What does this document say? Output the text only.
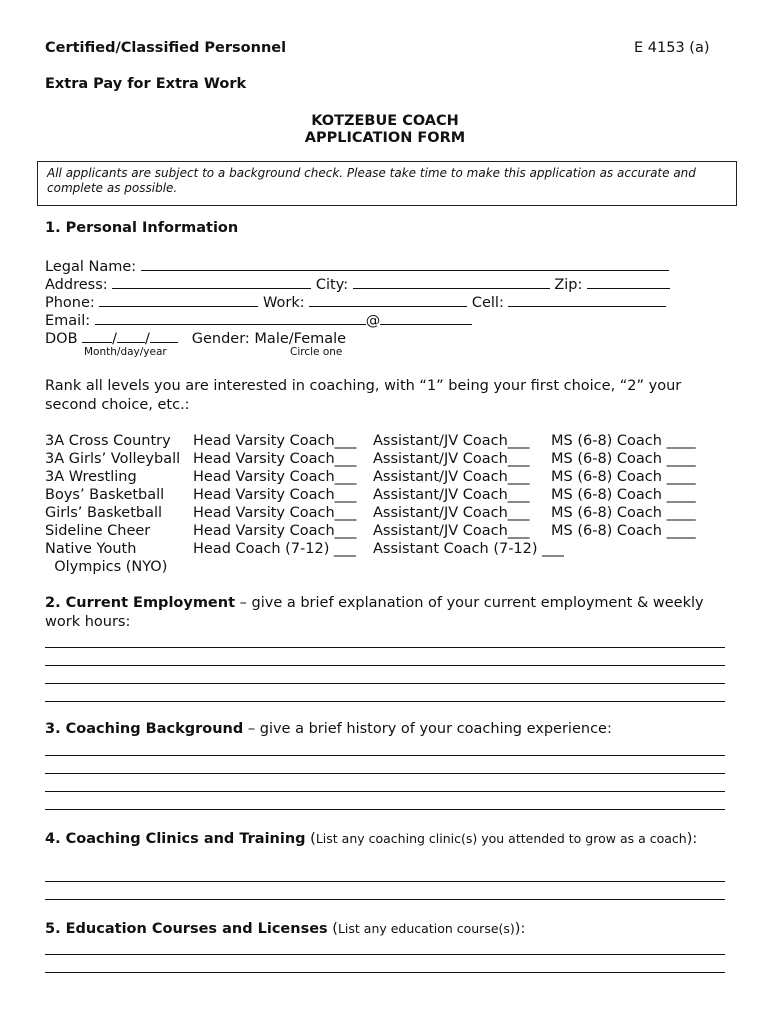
Certified/Classified Personnel	E 4153 (a)
Extra Pay for Extra Work
KOTZEBUE COACH
APPLICATION FORM
All applicants are subject to a background check. Please take time to make this application as accurate and complete as possible.
1. Personal Information
Legal Name:
Address:	City:	Zip:
Phone:	Work:	Cell:
Email:	@
DOB / /	Gender: Male/Female
Month/day/year	Circle one
Rank all levels you are interested in coaching, with “1” being your first choice, “2” your second choice, etc.:
3A Cross Country Head Varsity Coach___ Assistant/JV Coach___ MS (6-8) Coach ____
3A Girls’ Volleyball Head Varsity Coach___ Assistant/JV Coach___ MS (6-8) Coach ____
3A Wrestling	Head Varsity Coach___ Assistant/JV Coach___ MS (6-8) Coach ____
Boys’ Basketball Head Varsity Coach___ Assistant/JV Coach___ MS (6-8) Coach ____
Girls’ Basketball Head Varsity Coach___ Assistant/JV Coach___ MS (6-8) Coach ____
Sideline Cheer	Head Varsity Coach___ Assistant/JV Coach___ MS (6-8) Coach ____
Native Youth	Head Coach (7-12) ___ Assistant Coach (7-12) ___
Olympics (NYO)
2. Current Employment – give a brief explanation of your current employment & weekly work hours:
3. Coaching Background – give a brief history of your coaching experience:
4. Coaching Clinics and Training (List any coaching clinic(s) you attended to grow as a coach):
5. Education Courses and Licenses (List any education course(s)):
